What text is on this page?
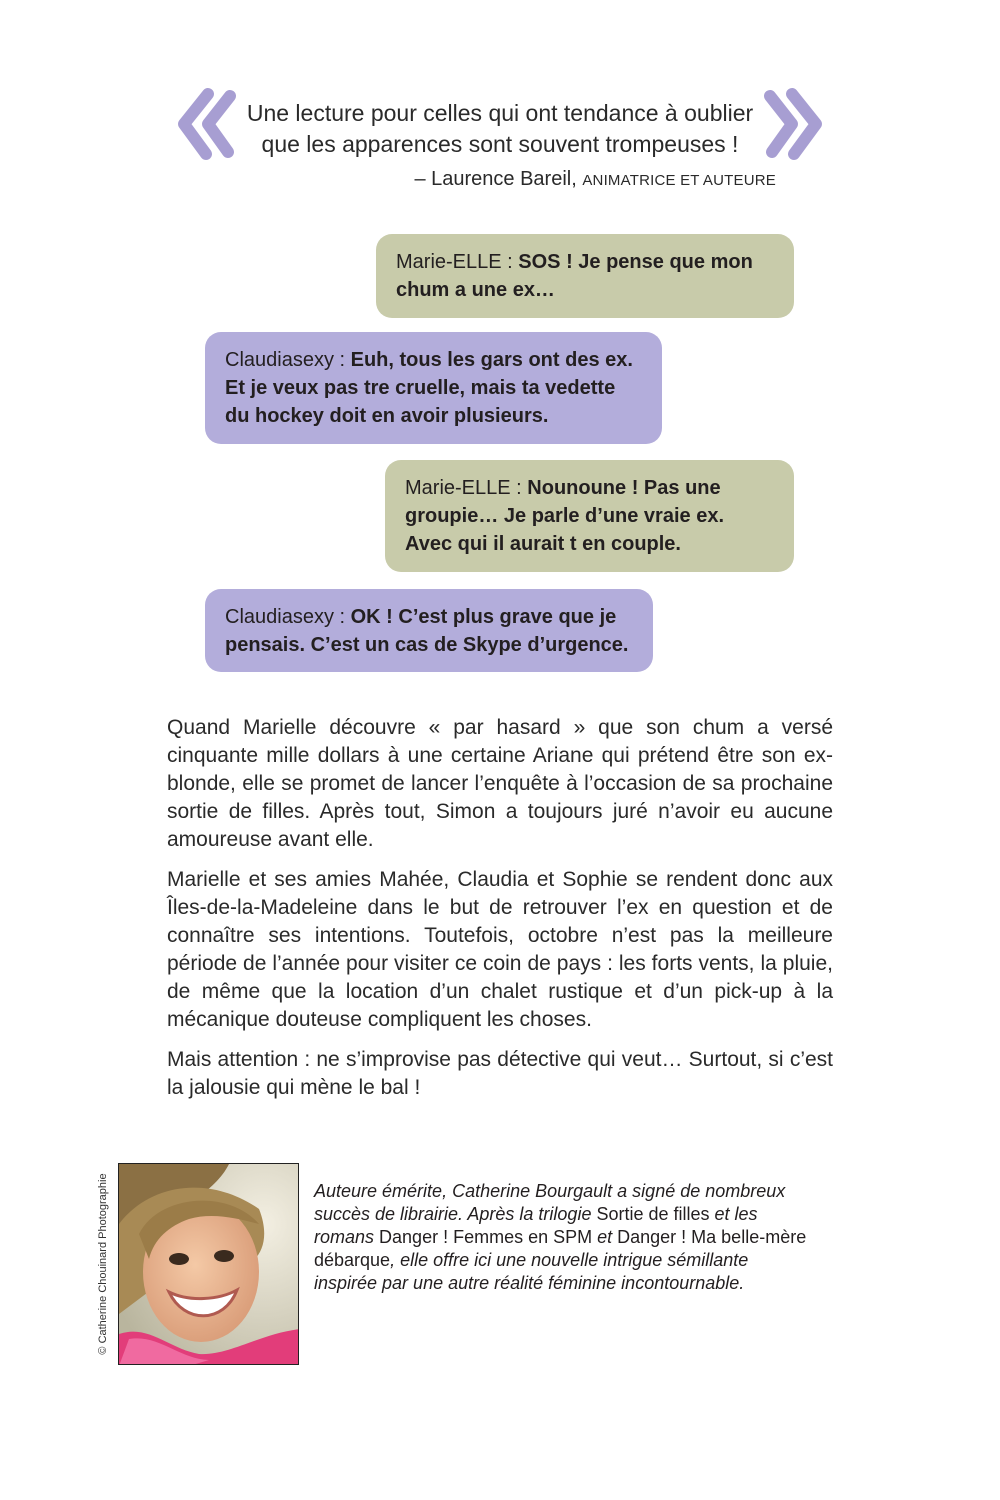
Une lecture pour celles qui ont tendance à oublier

que les apparences sont souvent trompeuses !

– Laurence Bareil, ANIMATRICE ET AUTEURE
Marie-ELLE : SOS ! Je pense que mon chum a une ex…
Claudiasexy : Euh, tous les gars ont des ex. Et je veux pas tre cruelle, mais ta vedette du hockey doit en avoir plusieurs.
Marie-ELLE : Nounoune ! Pas une groupie… Je parle d’une vraie ex. Avec qui il aurait t en couple.
Claudiasexy : OK ! C’est plus grave que je pensais. C’est un cas de Skype d’urgence.

Quand Marielle découvre « par hasard » que son chum a versé cinquante mille dollars à une certaine Ariane qui prétend être son ex-blonde, elle se promet de lancer l’enquête à l’occasion de sa prochaine sortie de filles. Après tout, Simon a toujours juré n’avoir eu aucune amoureuse avant elle.

Marielle et ses amies Mahée, Claudia et Sophie se rendent donc aux Îles-de-la-Madeleine dans le but de retrouver l’ex en question et de connaître ses intentions. Toutefois, octobre n’est pas la meilleure période de l’année pour visiter ce coin de pays : les forts vents, la pluie, de même que la location d’un chalet rustique et d’un pick-up à la mécanique douteuse compliquent les choses.

Mais attention : ne s’improvise pas détective qui veut… Surtout, si c’est la jalousie qui mène le bal !

© Catherine Chouinard Photographie	Auteure émérite, Catherine Bourgault a signé de nombreux succès de librairie. Après la trilogie Sortie de filles et les romans Danger ! Femmes en SPM et Danger ! Ma belle-mère débarque, elle offre ici une nouvelle intrigue sémillante inspirée par une autre réalité féminine incontournable.
